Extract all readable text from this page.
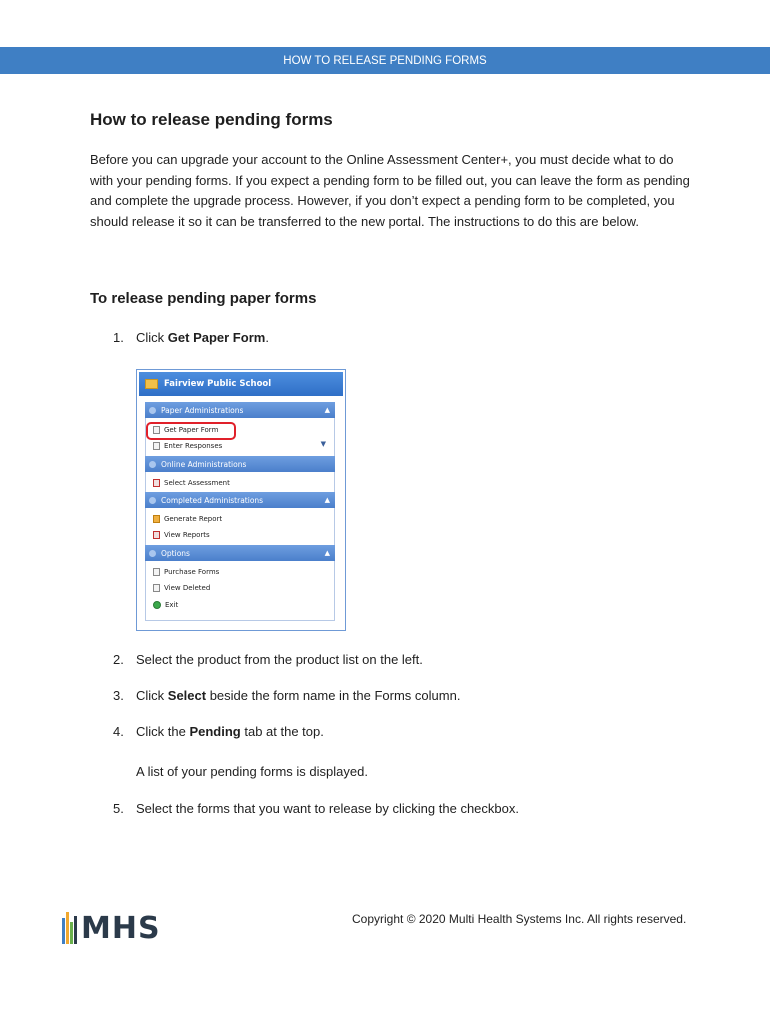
HOW TO RELEASE PENDING FORMS
How to release pending forms

Before you can upgrade your account to the Online Assessment Center+, you must decide what to do with your pending forms. If you expect a pending form to be filled out, you can leave the form as pending and complete the upgrade process. However, if you don’t expect a pending form to be completed, you should release it so it can be transferred to the new portal. The instructions to do this are below.

To release pending paper forms
1. Click Get Paper Form.
Fairview Public School
Paper Administrations	▲
Get Paper Form
Enter Responses	▼
Online Administrations
Select Assessment
Completed Administrations	▲
Generate Report
View Reports
Options	▲
Purchase Forms
View Deleted
Exit
2. Select the product from the product list on the left.
3. Click Select beside the form name in the Forms column.
4. Click the Pending tab at the top.
A list of your pending forms is displayed.
5. Select the forms that you want to release by clicking the checkbox.
MHS	Copyright © 2020 Multi Health Systems Inc. All rights reserved.
